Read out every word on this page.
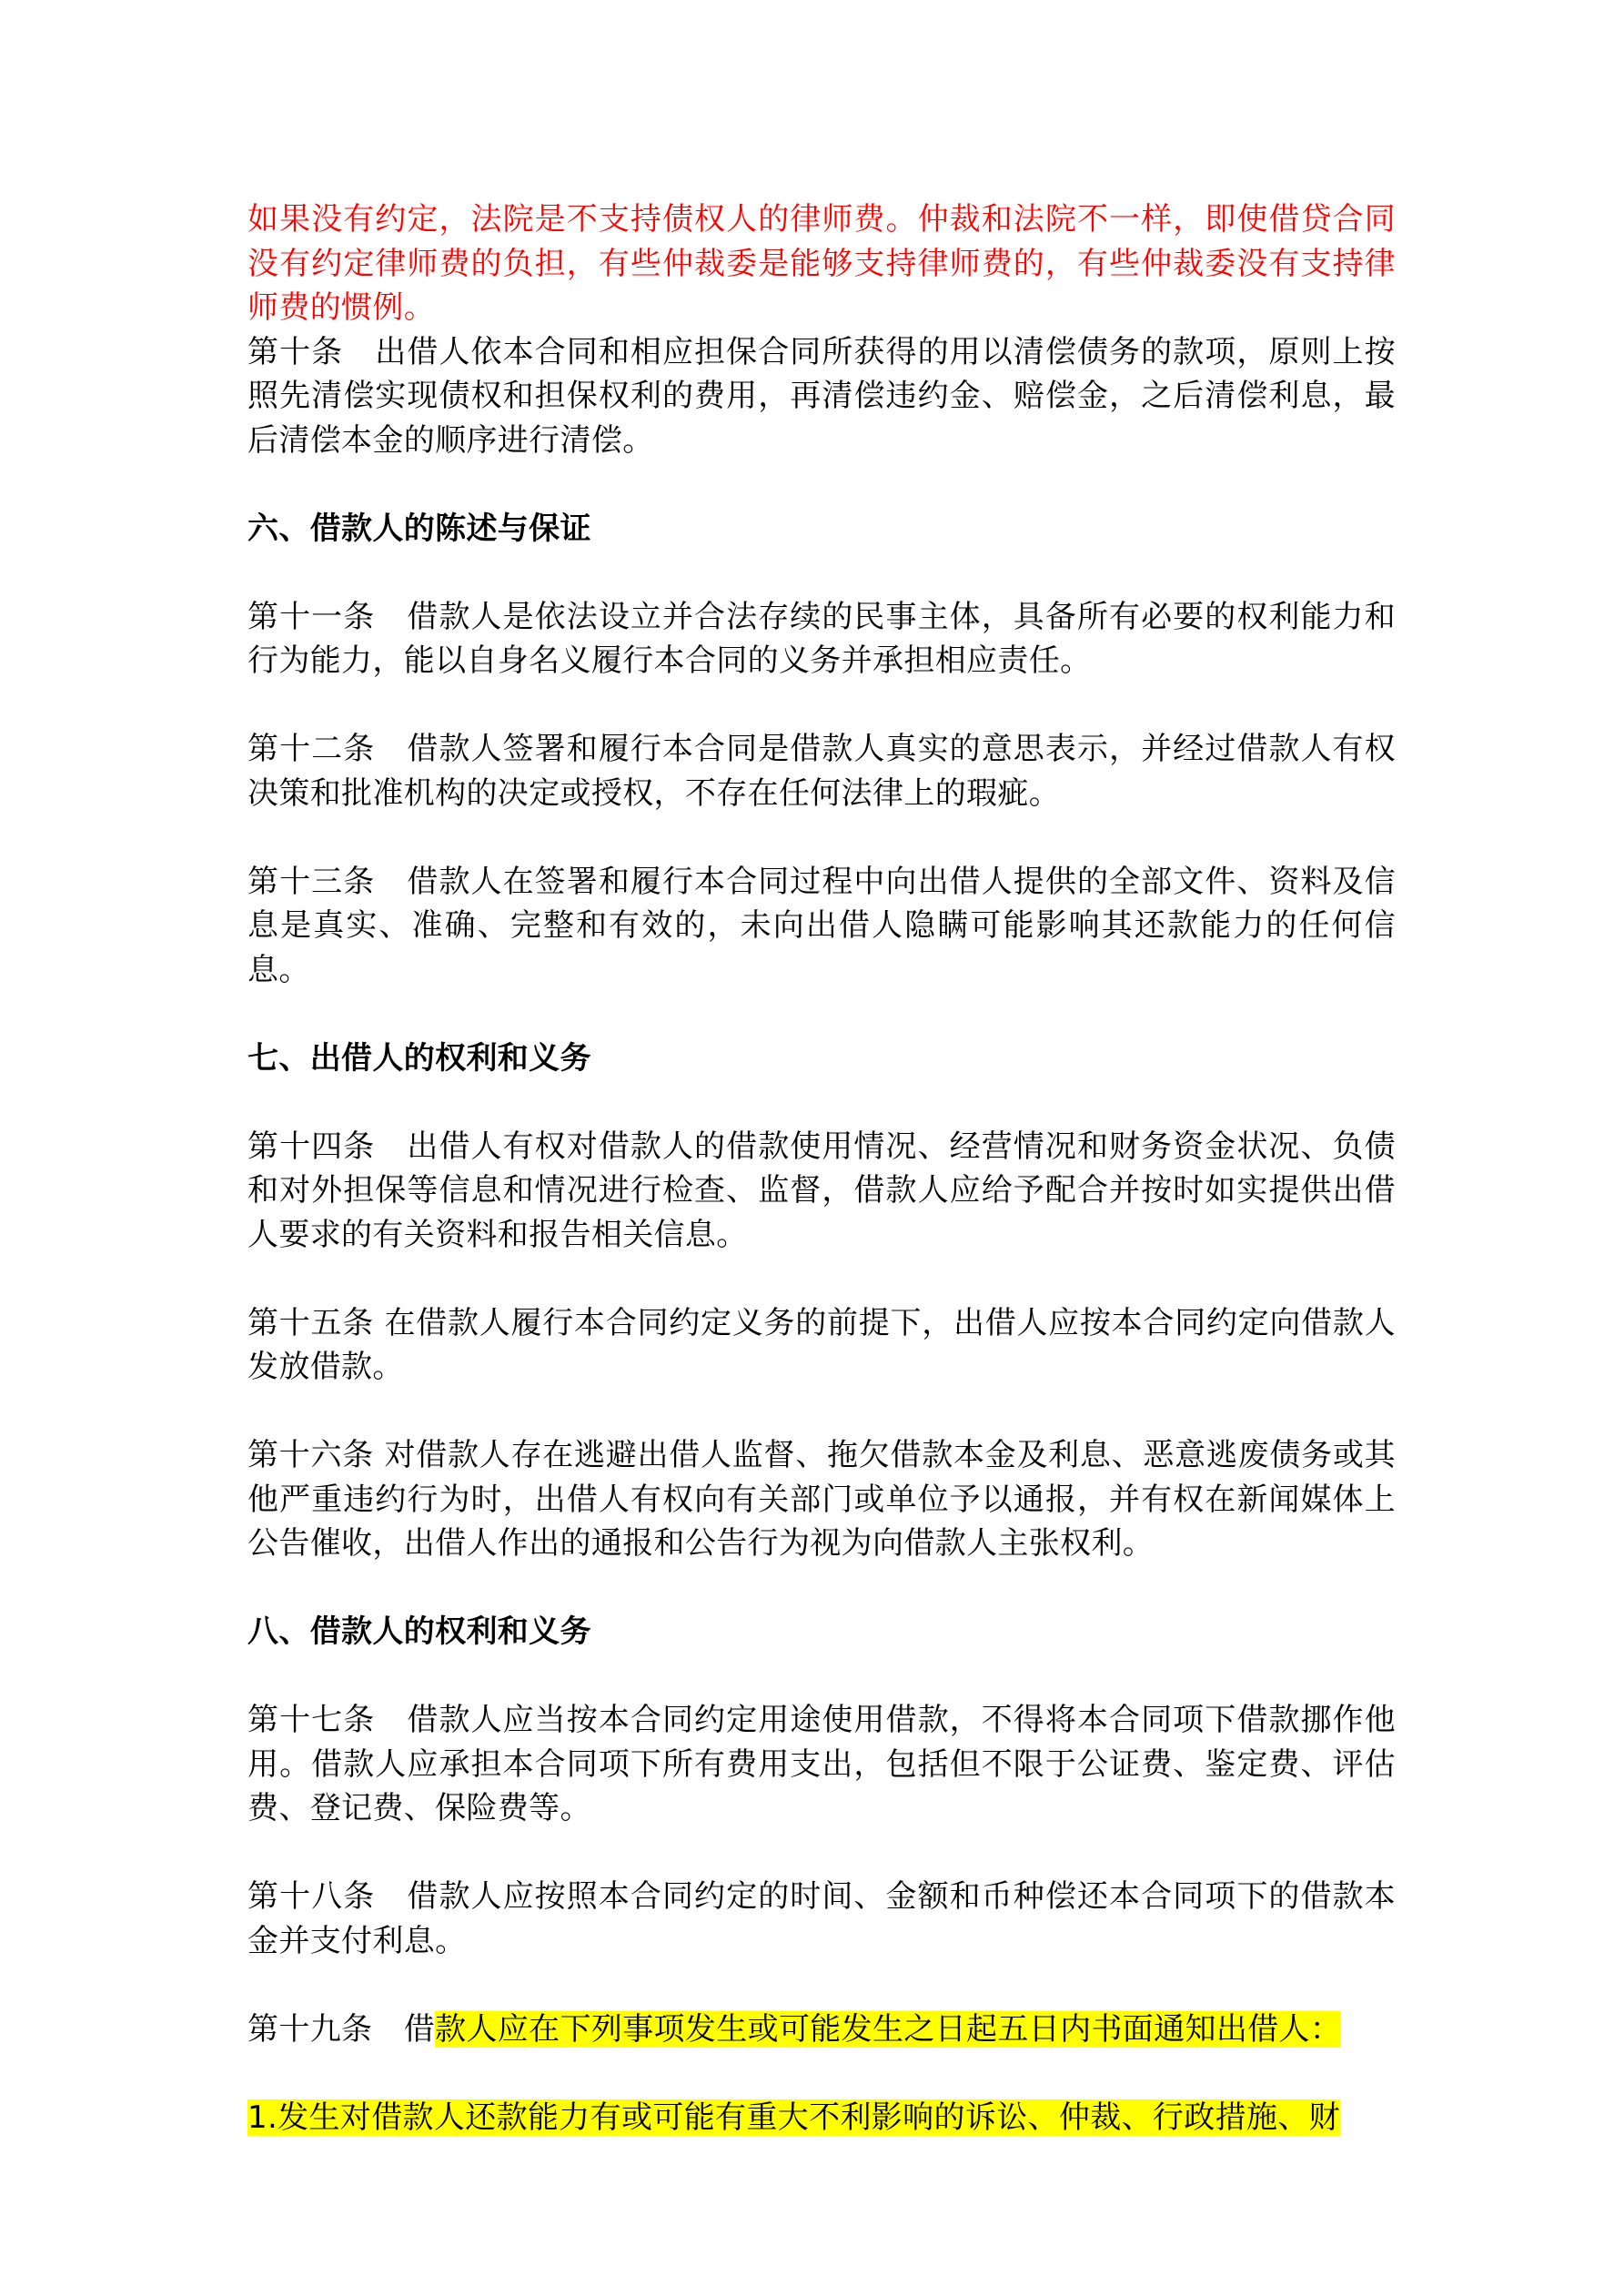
如果没有约定，法院是不支持债权人的律师费。仲裁和法院不一样，即使借贷合同没有约定律师费的负担，有些仲裁委是能够支持律师费的，有些仲裁委没有支持律师费的惯例。

第十条　出借人依本合同和相应担保合同所获得的用以清偿债务的款项，原则上按照先清偿实现债权和担保权利的费用，再清偿违约金、赔偿金，之后清偿利息，最后清偿本金的顺序进行清偿。

六、借款人的陈述与保证

第十一条　借款人是依法设立并合法存续的民事主体，具备所有必要的权利能力和行为能力，能以自身名义履行本合同的义务并承担相应责任。

第十二条　借款人签署和履行本合同是借款人真实的意思表示，并经过借款人有权决策和批准机构的决定或授权，不存在任何法律上的瑕疵。

第十三条　借款人在签署和履行本合同过程中向出借人提供的全部文件、资料及信息是真实、准确、完整和有效的，未向出借人隐瞒可能影响其还款能力的任何信息。

七、出借人的权利和义务

第十四条　出借人有权对借款人的借款使用情况、经营情况和财务资金状况、负债和对外担保等信息和情况进行检查、监督，借款人应给予配合并按时如实提供出借人要求的有关资料和报告相关信息。

第十五条 在借款人履行本合同约定义务的前提下，出借人应按本合同约定向借款人发放借款。

第十六条 对借款人存在逃避出借人监督、拖欠借款本金及利息、恶意逃废债务或其他严重违约行为时，出借人有权向有关部门或单位予以通报，并有权在新闻媒体上公告催收，出借人作出的通报和公告行为视为向借款人主张权利。

八、借款人的权利和义务

第十七条　借款人应当按本合同约定用途使用借款，不得将本合同项下借款挪作他用。借款人应承担本合同项下所有费用支出，包括但不限于公证费、鉴定费、评估费、登记费、保险费等。

第十八条　借款人应按照本合同约定的时间、金额和币种偿还本合同项下的借款本金并支付利息。

第十九条　借款人应在下列事项发生或可能发生之日起五日内书面通知出借人：

1.发生对借款人还款能力有或可能有重大不利影响的诉讼、仲裁、行政措施、财
